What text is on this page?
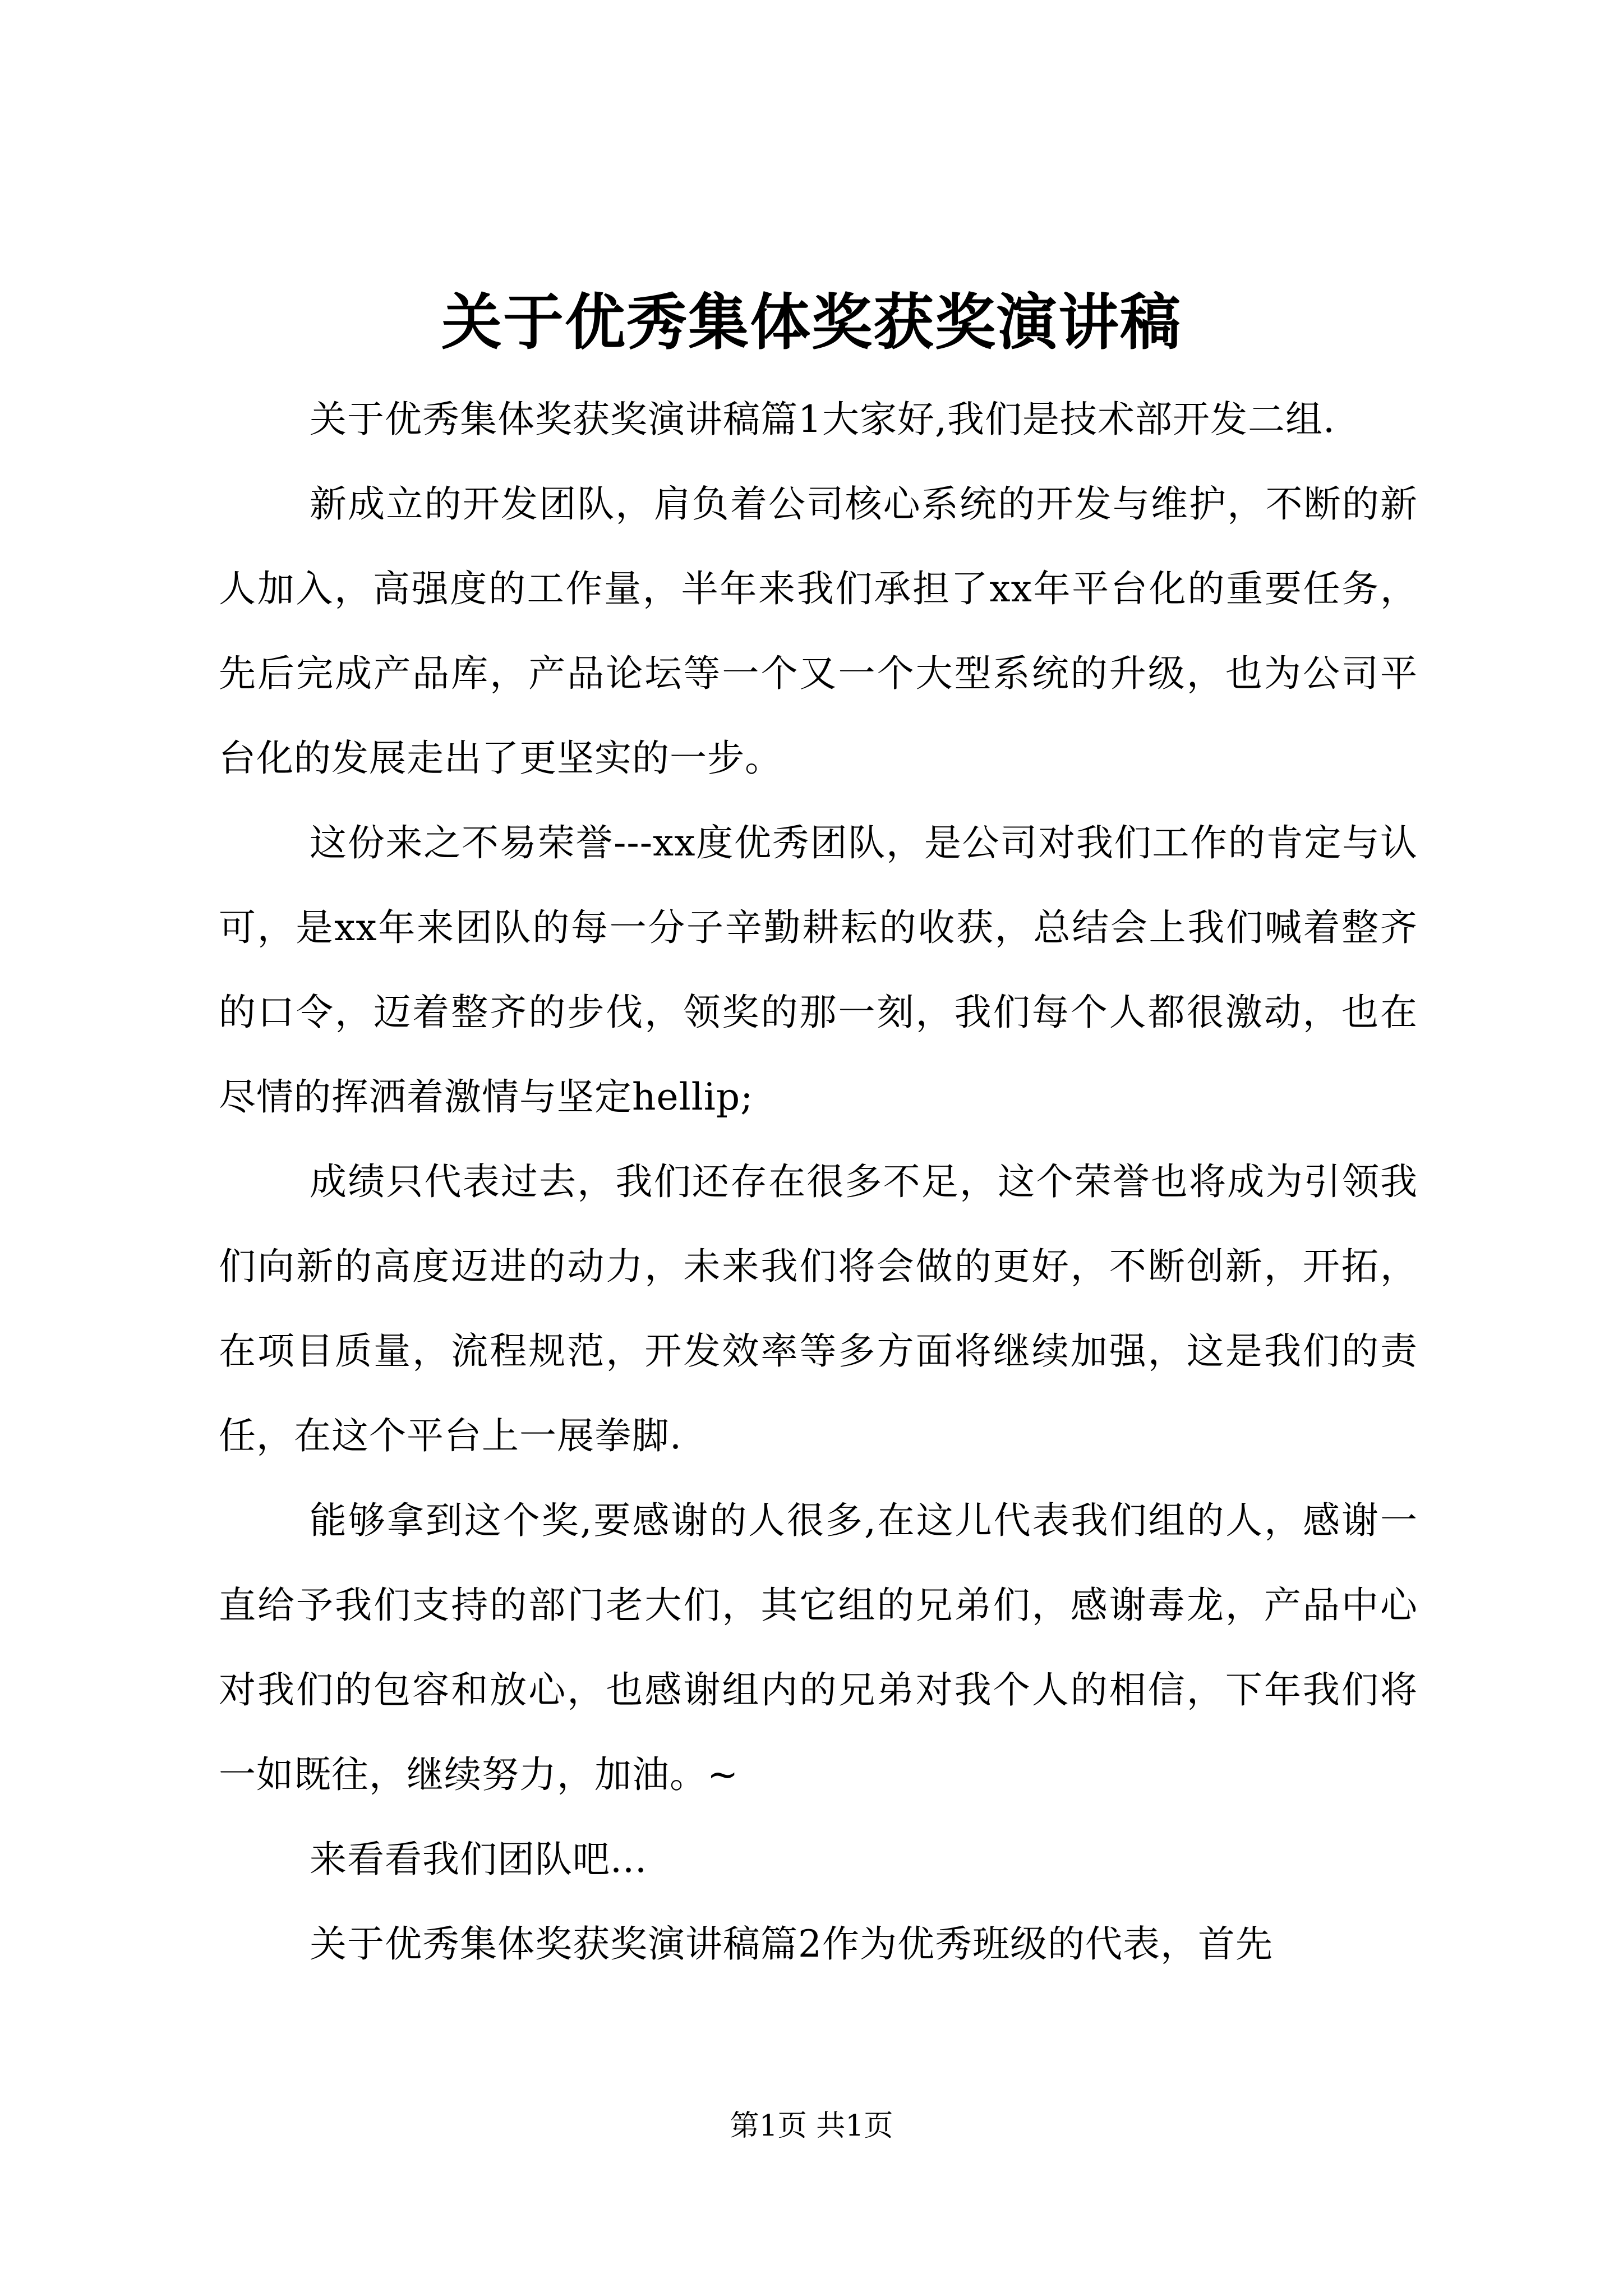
关于优秀集体奖获奖演讲稿

关于优秀集体奖获奖演讲稿篇1大家好,我们是技术部开发二组.

新成立的开发团队，肩负着公司核心系统的开发与维护，不断的新人加入，高强度的工作量，半年来我们承担了xx年平台化的重要任务，先后完成产品库，产品论坛等一个又一个大型系统的升级，也为公司平台化的发展走出了更坚实的一步。

这份来之不易荣誉---xx度优秀团队，是公司对我们工作的肯定与认可，是xx年来团队的每一分子辛勤耕耘的收获，总结会上我们喊着整齐的口令，迈着整齐的步伐，领奖的那一刻，我们每个人都很激动，也在尽情的挥洒着激情与坚定hellip;

成绩只代表过去，我们还存在很多不足，这个荣誉也将成为引领我们向新的高度迈进的动力，未来我们将会做的更好，不断创新，开拓，在项目质量，流程规范，开发效率等多方面将继续加强，这是我们的责任，在这个平台上一展拳脚.

能够拿到这个奖,要感谢的人很多,在这儿代表我们组的人，感谢一直给予我们支持的部门老大们，其它组的兄弟们，感谢毒龙，产品中心对我们的包容和放心，也感谢组内的兄弟对我个人的相信，下年我们将一如既往，继续努力，加油。~

来看看我们团队吧...

关于优秀集体奖获奖演讲稿篇2作为优秀班级的代表，首先

第1页 共1页
